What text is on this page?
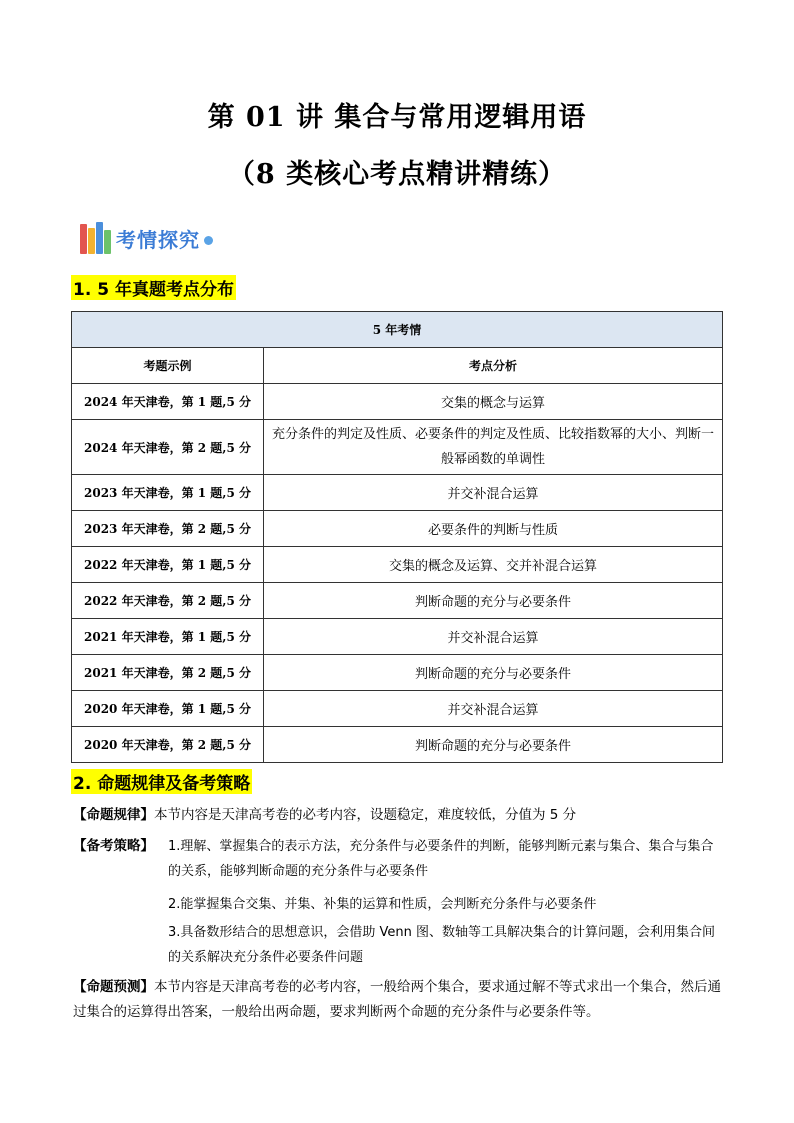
第 01 讲 集合与常用逻辑用语
（8 类核心考点精讲精练）
考情探究
1. 5 年真题考点分布
5 年考情	
考题示例	考点分析
2024 年天津卷，第 1 题,5 分	交集的概念与运算
2024 年天津卷，第 2 题,5 分	充分条件的判定及性质、必要条件的判定及性质、比较指数幂的大小、判断一般幂函数的单调性
2023 年天津卷，第 1 题,5 分	并交补混合运算
2023 年天津卷，第 2 题,5 分	必要条件的判断与性质
2022 年天津卷，第 1 题,5 分	交集的概念及运算、交并补混合运算
2022 年天津卷，第 2 题,5 分	判断命题的充分与必要条件
2021 年天津卷，第 1 题,5 分	并交补混合运算
2021 年天津卷，第 2 题,5 分	判断命题的充分与必要条件
2020 年天津卷，第 1 题,5 分	并交补混合运算
2020 年天津卷，第 2 题,5 分	判断命题的充分与必要条件
2. 命题规律及备考策略
【命题规律】本节内容是天津高考卷的必考内容，设题稳定，难度较低，分值为 5 分
【备考策略】	1.理解、掌握集合的表示方法，充分条件与必要条件的判断，能够判断元素与集合、集合与集合的关系，能够判断命题的充分条件与必要条件
2.能掌握集合交集、并集、补集的运算和性质，会判断充分条件与必要条件
3.具备数形结合的思想意识，会借助 Venn 图、数轴等工具解决集合的计算问题，会利用集合间的关系解决充分条件必要条件问题
【命题预测】本节内容是天津高考卷的必考内容，一般给两个集合，要求通过解不等式求出一个集合，然后通过集合的运算得出答案，一般给出两命题，要求判断两个命题的充分条件与必要条件等。
